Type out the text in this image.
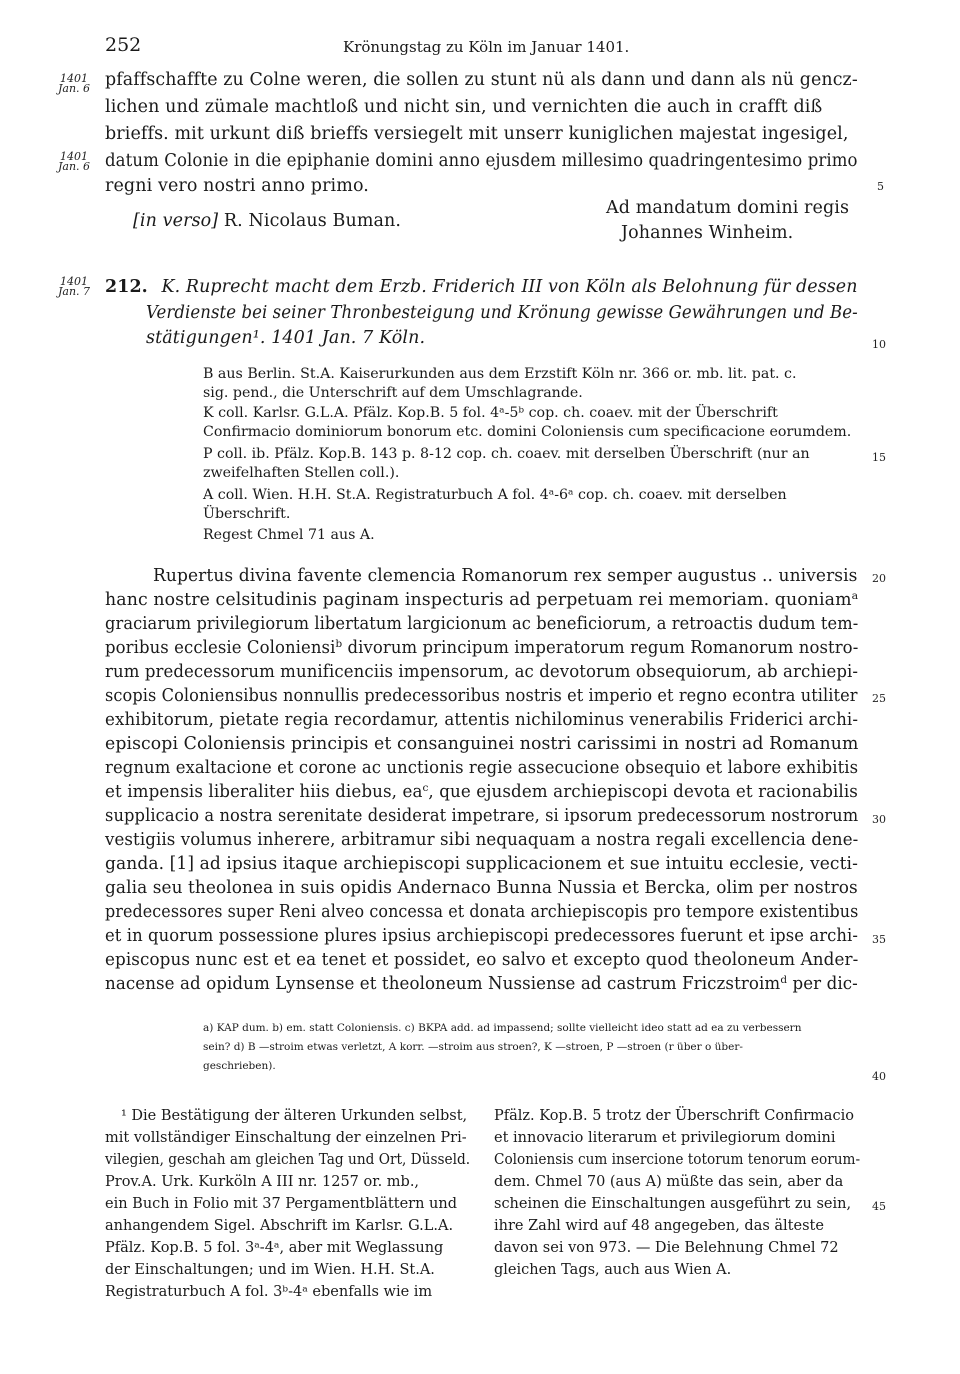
252	Krönungstag zu Köln im Januar 1401.
1401
Jan. 6
1401
Jan. 6
1401
Jan. 7
5
10
15
20
25
30
35
40
45
pfaffschaffte zu Colne weren, die sollen zu stunt nü als dann und dann als nü gencz-
lichen und zümale machtloß und nicht sin, und vernichten die auch in crafft diß
brieffs. mit urkunt diß brieffs versiegelt mit unserr kuniglichen majestat ingesigel,
datum Colonie in die epiphanie domini anno ejusdem millesimo quadringentesimo primo
regni vero nostri anno primo.
[in verso] R. Nicolaus Buman.
Ad mandatum domini regis
Johannes Winheim.
212. K. Ruprecht macht dem Erzb. Friderich III von Köln als Belohnung für dessen
Verdienste bei seiner Thronbesteigung und Krönung gewisse Gewährungen und Be-
stätigungen¹. 1401 Jan. 7 Köln.
B aus Berlin. St.A. Kaiserurkunden aus dem Erzstift Köln nr. 366 or. mb. lit. pat. c.
sig. pend., die Unterschrift auf dem Umschlagrande.
K coll. Karlsr. G.L.A. Pfälz. Kop.B. 5 fol. 4ᵃ-5ᵇ cop. ch. coaev. mit der Überschrift
Confirmacio dominiorum bonorum etc. domini Coloniensis cum specificacione eorumdem.
P coll. ib. Pfälz. Kop.B. 143 p. 8-12 cop. ch. coaev. mit derselben Überschrift (nur an
zweifelhaften Stellen coll.).
A coll. Wien. H.H. St.A. Registraturbuch A fol. 4ᵃ-6ᵃ cop. ch. coaev. mit derselben
Überschrift.
Regest Chmel 71 aus A.
Rupertus divina favente clemencia Romanorum rex semper augustus .. universis
hanc nostre celsitudinis paginam inspecturis ad perpetuam rei memoriam. quoniamᵃ
graciarum privilegiorum libertatum largicionum ac beneficiorum, a retroactis dudum tem-
poribus ecclesie Coloniensiᵇ divorum principum imperatorum regum Romanorum nostro-
rum predecessorum munificenciis impensorum, ac devotorum obsequiorum, ab archiepi-
scopis Coloniensibus nonnullis predecessoribus nostris et imperio et regno econtra utiliter
exhibitorum, pietate regia recordamur, attentis nichilominus venerabilis Friderici archi-
episcopi Coloniensis principis et consanguinei nostri carissimi in nostri ad Romanum
regnum exaltacione et corone ac unctionis regie assecucione obsequio et labore exhibitis
et impensis liberaliter hiis diebus, eaᶜ, que ejusdem archiepiscopi devota et racionabilis
supplicacio a nostra serenitate desiderat impetrare, si ipsorum predecessorum nostrorum
vestigiis volumus inherere, arbitramur sibi nequaquam a nostra regali excellencia dene-
ganda. [1] ad ipsius itaque archiepiscopi supplicacionem et sue intuitu ecclesie, vecti-
galia seu theolonea in suis opidis Andernaco Bunna Nussia et Bercka, olim per nostros
predecessores super Reni alveo concessa et donata archiepiscopis pro tempore existentibus
et in quorum possessione plures ipsius archiepiscopi predecessores fuerunt et ipse archi-
episcopus nunc est et ea tenet et possidet, eo salvo et excepto quod theoloneum Ander-
nacense ad opidum Lynsense et theoloneum Nussiense ad castrum Friczstroimᵈ per dic-
a) KAP dum. b) em. statt Coloniensis. c) BKPA add. ad impassend; sollte vielleicht ideo statt ad ea zu verbessern
sein? d) B —stroim etwas verletzt, A korr. —stroim aus stroen?, K —stroen, P —stroen (r über o über-
geschrieben).
¹ Die Bestätigung der älteren Urkunden selbst,
mit vollständiger Einschaltung der einzelnen Pri-
vilegien, geschah am gleichen Tag und Ort, Düsseld.
Prov.A. Urk. Kurköln A III nr. 1257 or. mb.,
ein Buch in Folio mit 37 Pergamentblättern und
anhangendem Sigel. Abschrift im Karlsr. G.L.A.
Pfälz. Kop.B. 5 fol. 3ᵃ-4ᵃ, aber mit Weglassung
der Einschaltungen; und im Wien. H.H. St.A.
Registraturbuch A fol. 3ᵇ-4ᵃ ebenfalls wie im
Pfälz. Kop.B. 5 trotz der Überschrift Confirmacio
et innovacio literarum et privilegiorum domini
Coloniensis cum insercione totorum tenorum eorum-
dem. Chmel 70 (aus A) müßte das sein, aber da
scheinen die Einschaltungen ausgeführt zu sein,
ihre Zahl wird auf 48 angegeben, das älteste
davon sei von 973. — Die Belehnung Chmel 72
gleichen Tags, auch aus Wien A.
